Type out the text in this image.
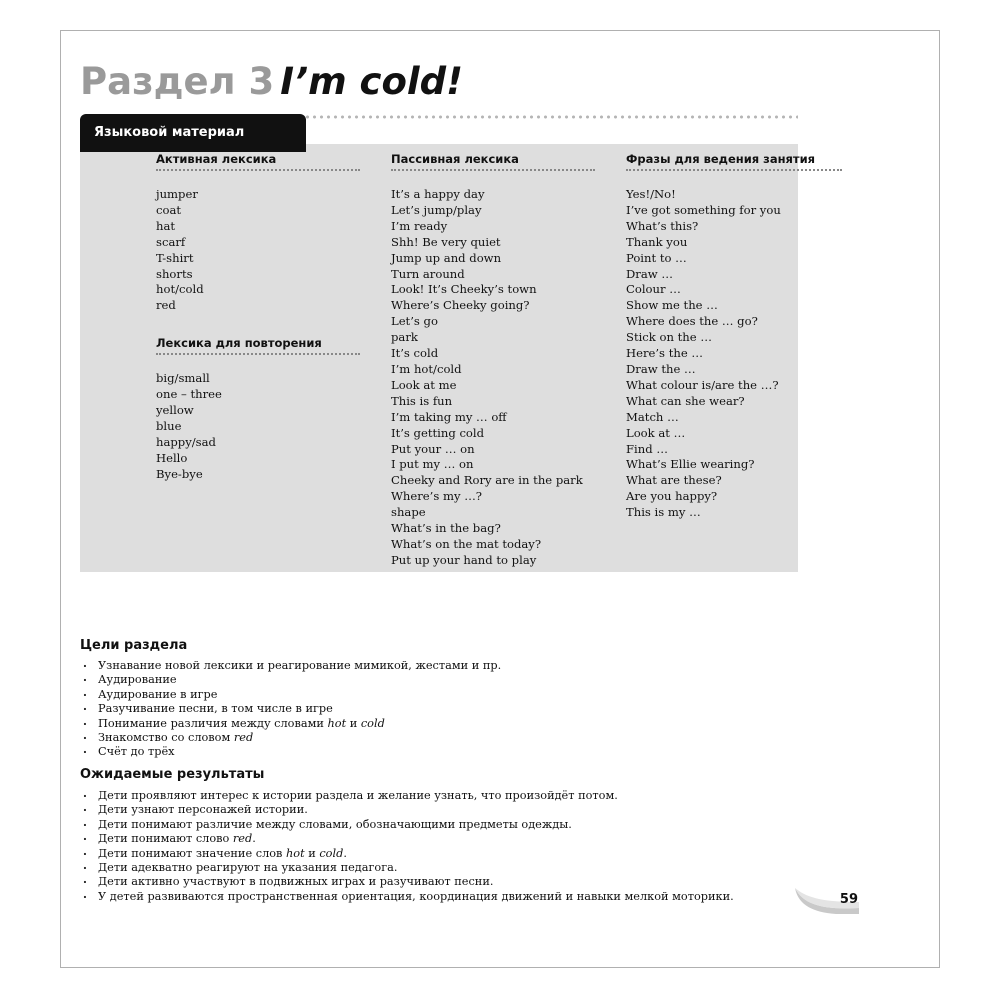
Раздел 3 I’m cold!
Языковой материал
Активная лексика
jumper
coat
hat
scarf
T-shirt
shorts
hot/cold
red
Лексика для повторения
big/small
one – three
yellow
blue
happy/sad
Hello
Bye-bye
Пассивная лексика
It’s a happy day
Let’s jump/play
I’m ready
Shh! Be very quiet
Jump up and down
Turn around
Look! It’s Cheeky’s town
Where’s Cheeky going?
Let’s go
park
It’s cold
I’m hot/cold
Look at me
This is fun
I’m taking my … off
It’s getting cold
Put your … on
I put my … on
Cheeky and Rory are in the park
Where’s my …?
shape
What’s in the bag?
What’s on the mat today?
Put up your hand to play
Фразы для ведения занятия
Yes!/No!
I’ve got something for you
What’s this?
Thank you
Point to …
Draw …
Colour …
Show me the …
Where does the … go?
Stick on the …
Here’s the …
Draw the …
What colour is/are the …?
What can she wear?
Match …
Look at …
Find …
What’s Ellie wearing?
What are these?
Are you happy?
This is my …
Цели раздела
· Узнавание новой лексики и реагирование мимикой, жестами и пр.
· Аудирование
· Аудирование в игре
· Разучивание песни, в том числе в игре
· Понимание различия между словами hot и cold
· Знакомство со словом red
· Счёт до трёх
Ожидаемые результаты
· Дети проявляют интерес к истории раздела и желание узнать, что произойдёт потом.
· Дети узнают персонажей истории.
· Дети понимают различие между словами, обозначающими предметы одежды.
· Дети понимают слово red.
· Дети понимают значение слов hot и cold.
· Дети адекватно реагируют на указания педагога.
· Дети активно участвуют в подвижных играх и разучивают песни.
· У детей развиваются пространственная ориентация, координация движений и навыки мелкой моторики.	59
